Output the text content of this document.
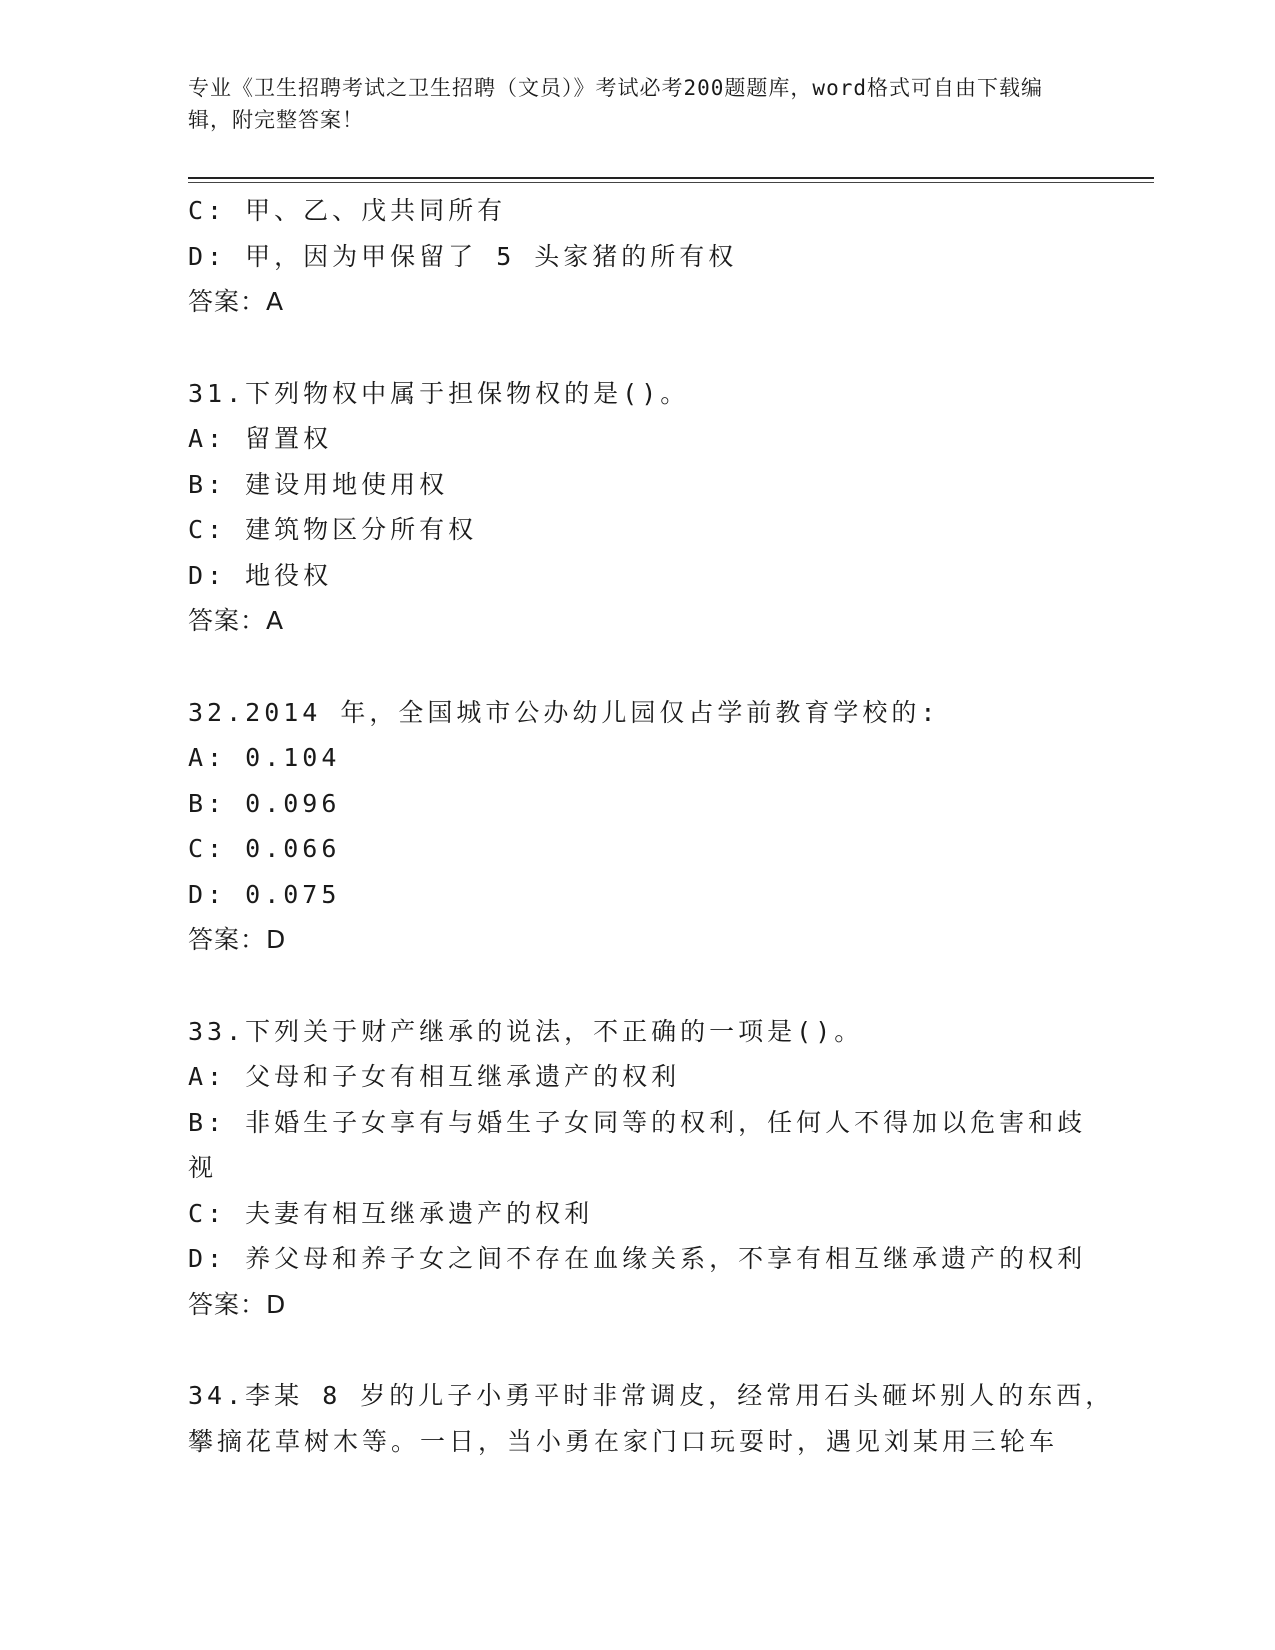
专业《卫生招聘考试之卫生招聘（文员）》考试必考200题题库，word格式可自由下载编辑，附完整答案！
C: 甲、乙、戊共同所有
D: 甲，因为甲保留了 5 头家猪的所有权
答案：A
31.下列物权中属于担保物权的是()。
A: 留置权
B: 建设用地使用权
C: 建筑物区分所有权
D: 地役权
答案：A
32.2014 年，全国城市公办幼儿园仅占学前教育学校的:
A: 0.104
B: 0.096
C: 0.066
D: 0.075
答案：D
33.下列关于财产继承的说法，不正确的一项是()。
A: 父母和子女有相互继承遗产的权利
B: 非婚生子女享有与婚生子女同等的权利，任何人不得加以危害和歧
视
C: 夫妻有相互继承遗产的权利
D: 养父母和养子女之间不存在血缘关系，不享有相互继承遗产的权利
答案：D
34.李某 8 岁的儿子小勇平时非常调皮，经常用石头砸坏别人的东西，
攀摘花草树木等。一日，当小勇在家门口玩耍时，遇见刘某用三轮车
